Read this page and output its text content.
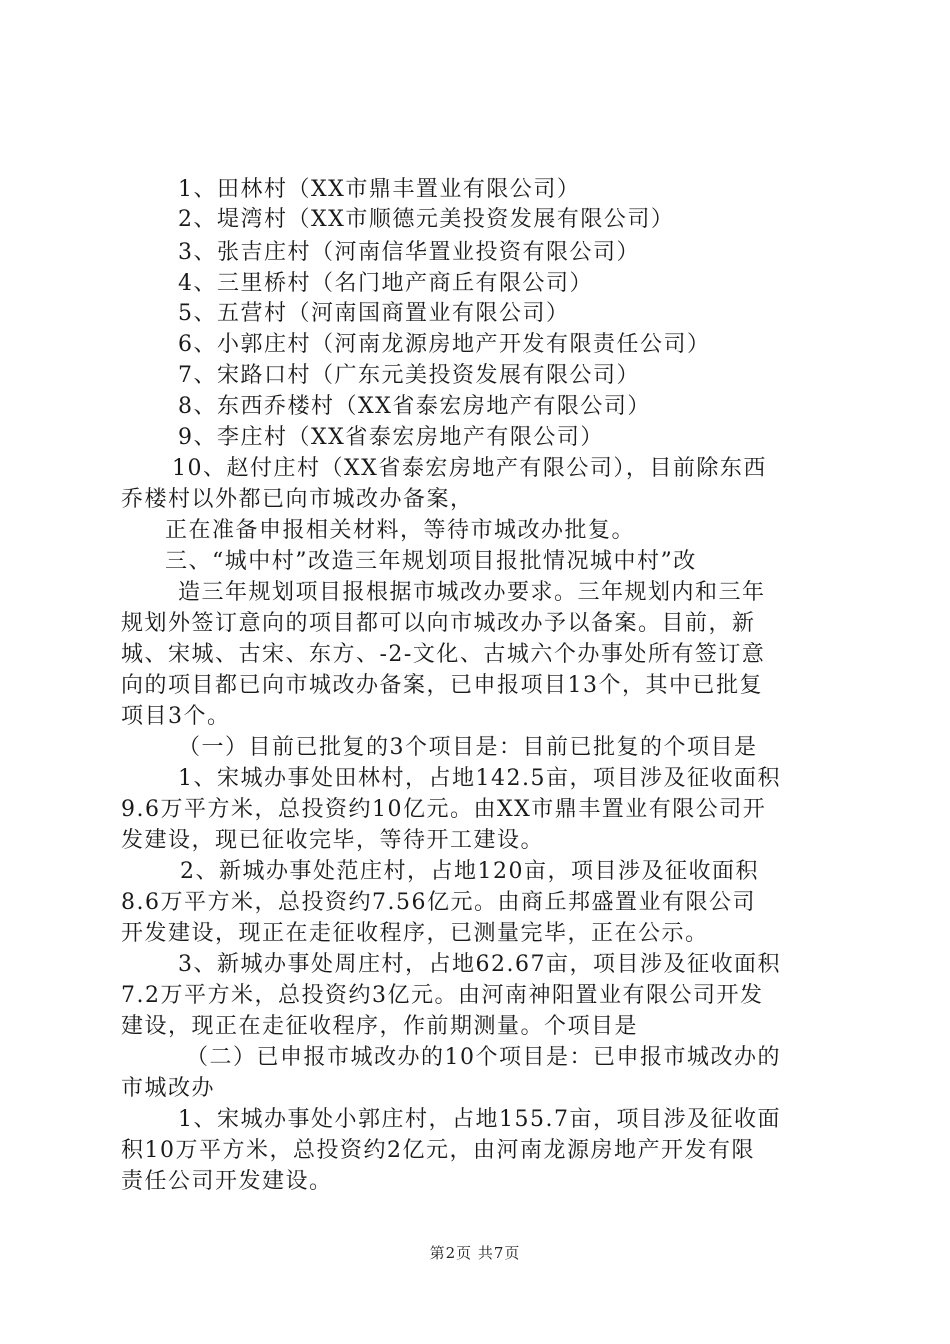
1、田林村（XX市鼎丰置业有限公司）
2、堤湾村（XX市顺德元美投资发展有限公司）
3、张吉庄村（河南信华置业投资有限公司）
4、三里桥村（名门地产商丘有限公司）
5、五营村（河南国商置业有限公司）
6、小郭庄村（河南龙源房地产开发有限责任公司）
7、宋路口村（广东元美投资发展有限公司）
8、东西乔楼村（XX省泰宏房地产有限公司）
9、李庄村（XX省泰宏房地产有限公司）
10、赵付庄村（XX省泰宏房地产有限公司），目前除东西
乔楼村以外都已向市城改办备案，
正在准备申报相关材料，等待市城改办批复。
三、“城中村”改造三年规划项目报批情况城中村”改
造三年规划项目报根据市城改办要求。三年规划内和三年
规划外签订意向的项目都可以向市城改办予以备案。目前，新
城、宋城、古宋、东方、-2-文化、古城六个办事处所有签订意
向的项目都已向市城改办备案，已申报项目13个，其中已批复
项目3个。
（一）目前已批复的3个项目是：目前已批复的个项目是
1、宋城办事处田林村，占地142.5亩，项目涉及征收面积
9.6万平方米，总投资约10亿元。由XX市鼎丰置业有限公司开
发建设，现已征收完毕，等待开工建设。
2、新城办事处范庄村，占地120亩，项目涉及征收面积
8.6万平方米，总投资约7.56亿元。由商丘邦盛置业有限公司
开发建设，现正在走征收程序，已测量完毕，正在公示。
3、新城办事处周庄村，占地62.67亩，项目涉及征收面积
7.2万平方米，总投资约3亿元。由河南神阳置业有限公司开发
建设，现正在走征收程序，作前期测量。个项目是
（二）已申报市城改办的10个项目是：已申报市城改办的
市城改办
1、宋城办事处小郭庄村，占地155.7亩，项目涉及征收面
积10万平方米，总投资约2亿元，由河南龙源房地产开发有限
责任公司开发建设。
第2页 共7页
